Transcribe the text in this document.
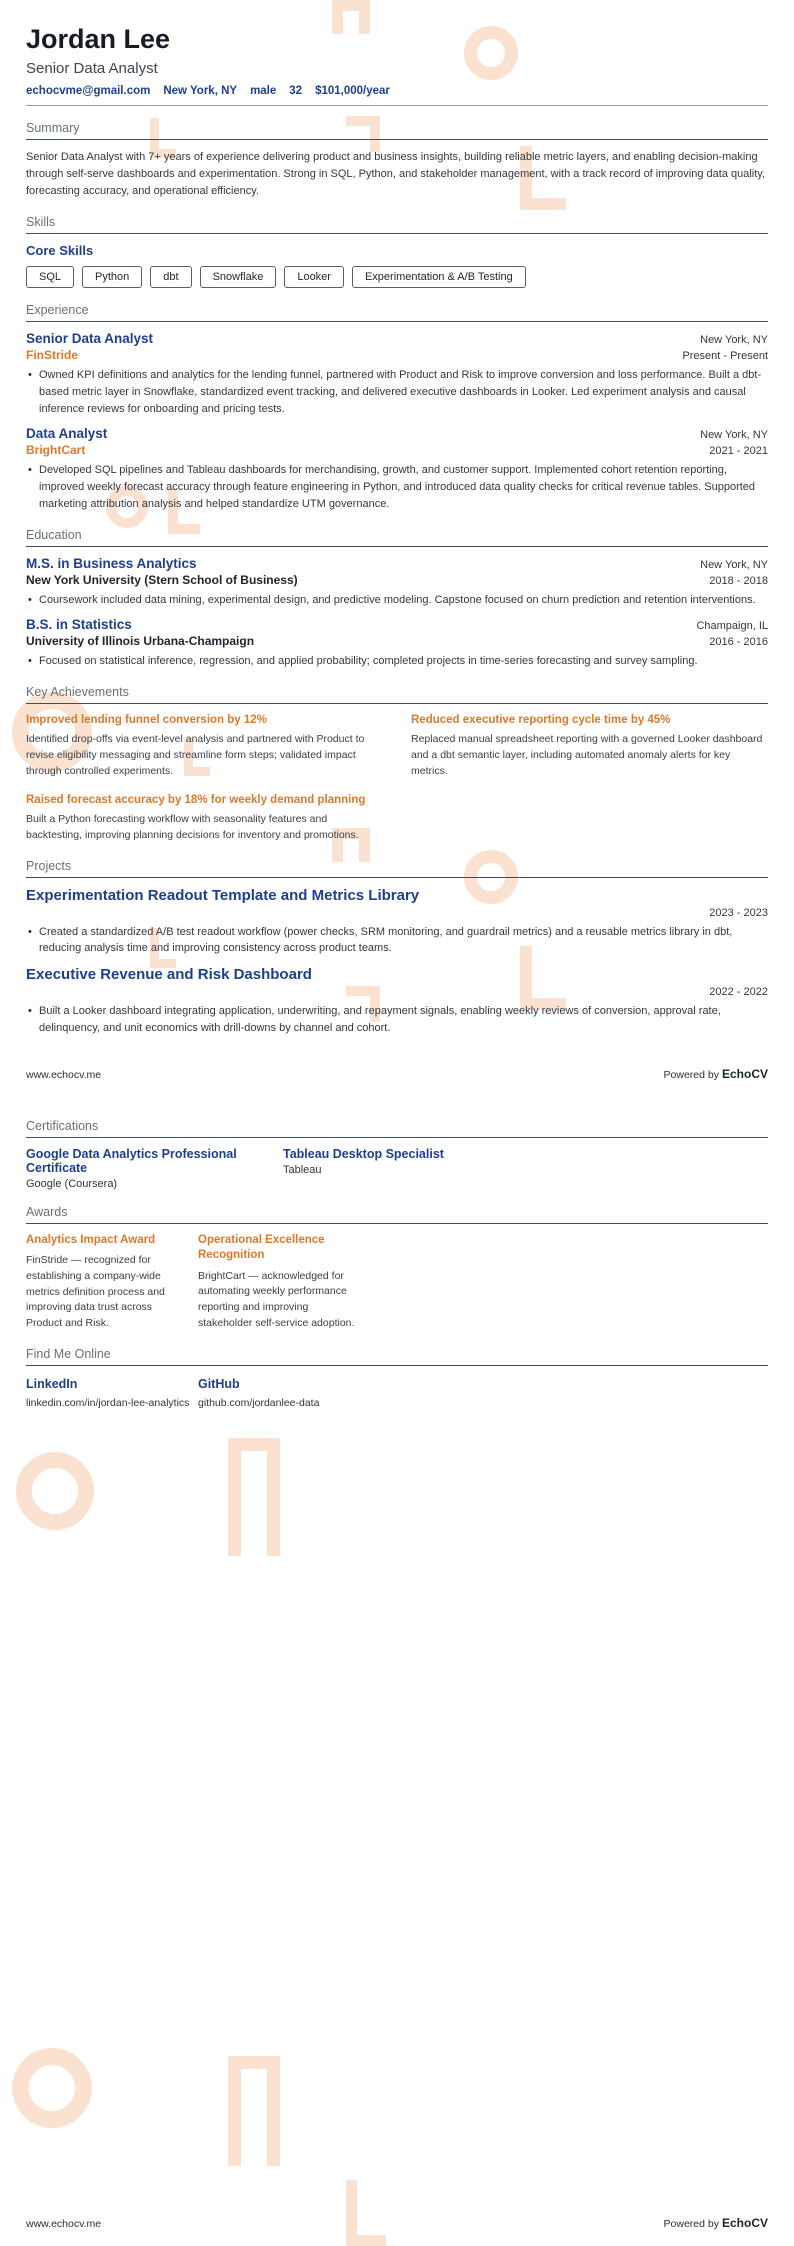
Jordan Lee
Senior Data Analyst
echocvme@gmail.com New York, NY male 32 $101,000/year
Summary
Senior Data Analyst with 7+ years of experience delivering product and business insights, building reliable metric layers, and enabling decision-making through self-serve dashboards and experimentation. Strong in SQL, Python, and stakeholder management, with a track record of improving data quality, forecasting accuracy, and operational efficiency.
Skills
Core Skills
SQL	Python	dbt	Snowflake	Looker	Experimentation & A/B Testing
Experience
Senior Data Analyst	New York, NY
FinStride	Present - Present
• Owned KPI definitions and analytics for the lending funnel, partnered with Product and Risk to improve conversion and loss performance. Built a dbt-based metric layer in Snowflake, standardized event tracking, and delivered executive dashboards in Looker. Led experiment analysis and causal inference reviews for onboarding and pricing tests.
Data Analyst	New York, NY
BrightCart	2021 - 2021
• Developed SQL pipelines and Tableau dashboards for merchandising, growth, and customer support. Implemented cohort retention reporting, improved weekly forecast accuracy through feature engineering in Python, and introduced data quality checks for critical revenue tables. Supported marketing attribution analysis and helped standardize UTM governance.
Education
M.S. in Business Analytics	New York, NY
New York University (Stern School of Business)	2018 - 2018
• Coursework included data mining, experimental design, and predictive modeling. Capstone focused on churn prediction and retention interventions.
B.S. in Statistics	Champaign, IL
University of Illinois Urbana-Champaign	2016 - 2016
• Focused on statistical inference, regression, and applied probability; completed projects in time-series forecasting and survey sampling.
Key Achievements
Improved lending funnel conversion by 12%
Identified drop-offs via event-level analysis and partnered with Product to revise eligibility messaging and streamline form steps; validated impact through controlled experiments.
Reduced executive reporting cycle time by 45%
Replaced manual spreadsheet reporting with a governed Looker dashboard and a dbt semantic layer, including automated anomaly alerts for key metrics.
Raised forecast accuracy by 18% for weekly demand planning
Built a Python forecasting workflow with seasonality features and backtesting, improving planning decisions for inventory and promotions.
Projects
Experimentation Readout Template and Metrics Library
2023 - 2023
• Created a standardized A/B test readout workflow (power checks, SRM monitoring, and guardrail metrics) and a reusable metrics library in dbt, reducing analysis time and improving consistency across product teams.
Executive Revenue and Risk Dashboard
2022 - 2022
• Built a Looker dashboard integrating application, underwriting, and repayment signals, enabling weekly reviews of conversion, approval rate, delinquency, and unit economics with drill-downs by channel and cohort.
www.echocv.me	Powered by EchoCV
Certifications
Google Data Analytics Professional Certificate
Google (Coursera)
Tableau Desktop Specialist
Tableau
Awards
Analytics Impact Award
FinStride — recognized for establishing a company-wide metrics definition process and improving data trust across Product and Risk.
Operational Excellence Recognition
BrightCart — acknowledged for automating weekly performance reporting and improving stakeholder self-service adoption.
Find Me Online
LinkedIn
linkedin.com/in/jordan-lee-analytics
GitHub
github.com/jordanlee-data
www.echocv.me	Powered by EchoCV
